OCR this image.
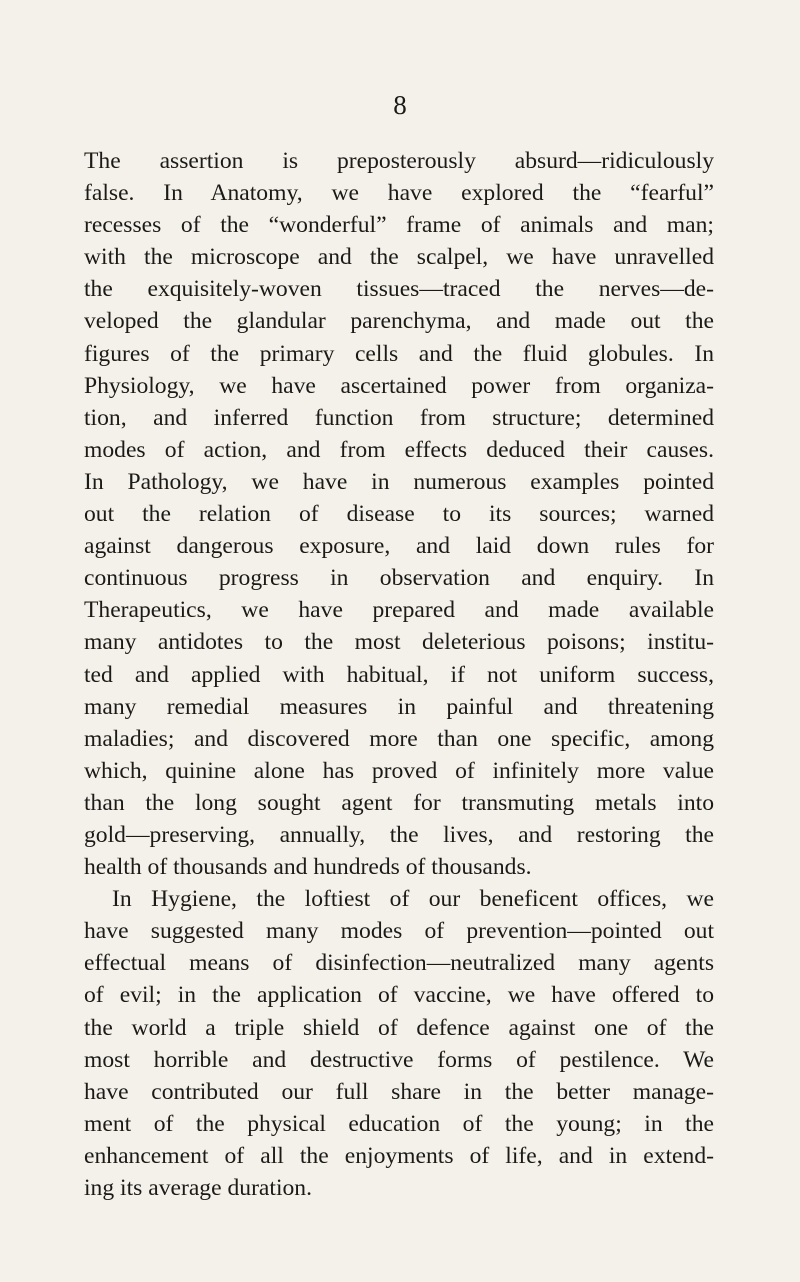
8
The assertion is preposterously absurd—ridiculously
false. In Anatomy, we have explored the “fearful”
recesses of the “wonderful” frame of animals and man;
with the microscope and the scalpel, we have unravelled
the exquisitely-woven tissues—traced the nerves—de-
veloped the glandular parenchyma, and made out the
figures of the primary cells and the fluid globules. In
Physiology, we have ascertained power from organiza-
tion, and inferred function from structure; determined
modes of action, and from effects deduced their causes.
In Pathology, we have in numerous examples pointed
out the relation of disease to its sources; warned
against dangerous exposure, and laid down rules for
continuous progress in observation and enquiry. In
Therapeutics, we have prepared and made available
many antidotes to the most deleterious poisons; institu-
ted and applied with habitual, if not uniform success,
many remedial measures in painful and threatening
maladies; and discovered more than one specific, among
which, quinine alone has proved of infinitely more value
than the long sought agent for transmuting metals into
gold—preserving, annually, the lives, and restoring the
health of thousands and hundreds of thousands.
In Hygiene, the loftiest of our beneficent offices, we
have suggested many modes of prevention—pointed out
effectual means of disinfection—neutralized many agents
of evil; in the application of vaccine, we have offered to
the world a triple shield of defence against one of the
most horrible and destructive forms of pestilence. We
have contributed our full share in the better manage-
ment of the physical education of the young; in the
enhancement of all the enjoyments of life, and in extend-
ing its average duration.
